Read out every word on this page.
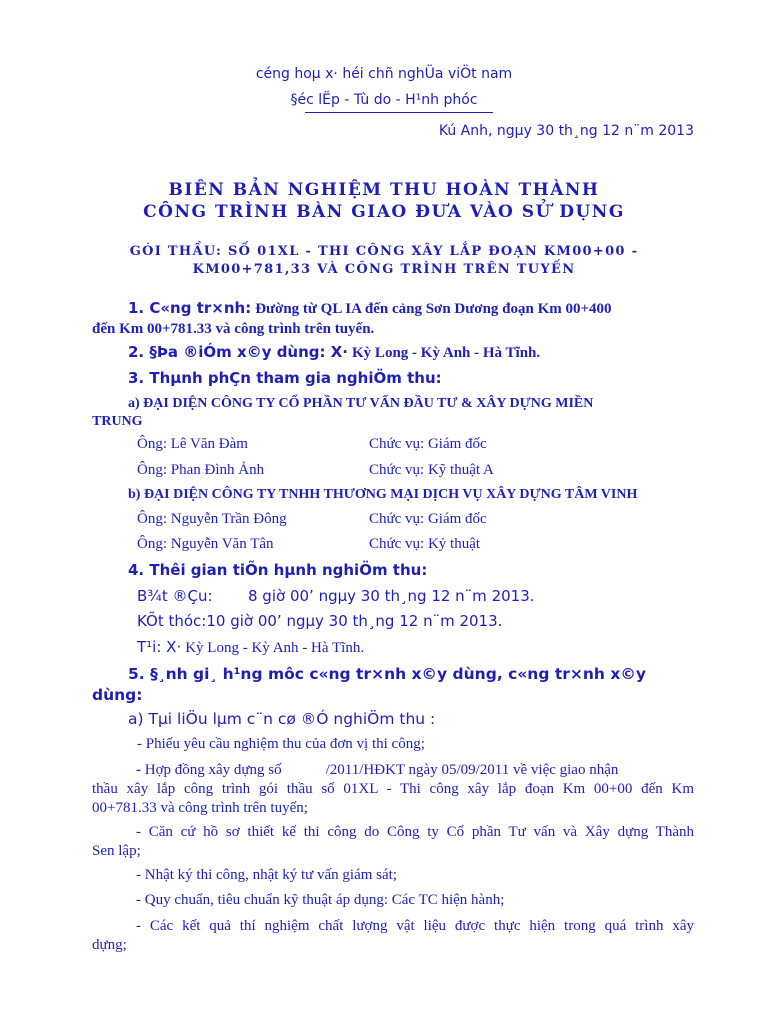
céng hoµ x· héi chñ nghÜa viÖt nam
§éc lËp - Tù do - H¹nh phóc
Kú Anh, ngµy 30 th¸ng 12 n¨m 2013
BIÊN BẢN NGHIỆM THU HOÀN THÀNH
CÔNG TRÌNH BÀN GIAO ĐƯA VÀO SỬ DỤNG
GÓI THẦU: SỐ 01XL - THI CÔNG XÂY LẮP ĐOẠN KM00+00 -
KM00+781,33 VÀ CÔNG TRÌNH TRÊN TUYẾN
1. C«ng tr×nh: Đường từ QL IA đến cảng Sơn Dương đoạn Km 00+400
đến Km 00+781.33 và công trình trên tuyến.
2. §Þa ®iÓm x©y dùng: X· Kỳ Long - Kỳ Anh - Hà Tĩnh.
3. Thµnh phÇn tham gia nghiÖm thu:
a) ĐẠI DIỆN CÔNG TY CỔ PHẦN TƯ VẤN ĐẦU TƯ & XÂY DỰNG MIỀN
TRUNG
Ông: Lê Văn Đàm	Chức vụ: Giám đốc
Ông: Phan Đình Ảnh	Chức vụ: Kỹ thuật A
b) ĐẠI DIỆN CÔNG TY TNHH THƯƠNG MẠI DỊCH VỤ XÂY DỰNG TÂM VINH
Ông: Nguyễn Trần Đông	Chức vụ: Giám đốc
Ông: Nguyễn Văn Tân	Chức vụ: Kỷ thuật
4. Thêi gian tiÕn hµnh nghiÖm thu:
B¾t ®Çu: 8 giờ 00’ ngµy 30 th¸ng 12 n¨m 2013.
KÕt thóc:10 giờ 00’ ngµy 30 th¸ng 12 n¨m 2013.
T¹i: X· Kỳ Long - Kỳ Anh - Hà Tĩnh.
5. §¸nh gi¸ h¹ng môc c«ng tr×nh x©y dùng, c«ng tr×nh x©y
dùng:
a) Tµi liÖu lµm c¨n cø ®Ó nghiÖm thu :
- Phiếu yêu cầu nghiệm thu của đơn vị thi công;
- Hợp đồng xây dựng số	/2011/HĐKT ngày 05/09/2011 về việc giao nhận
thầu xây lắp công trình gói thầu số 01XL - Thi công xây lắp đoạn Km 00+00 đến Km
00+781.33 và công trình trên tuyến;
- Căn cứ hồ sơ thiết kế thi công do Công ty Cổ phần Tư vấn và Xây dựng Thành
Sen lập;
- Nhật ký thi công, nhật ký tư vấn giám sát;
- Quy chuẩn, tiêu chuẩn kỹ thuật áp dụng: Các TC hiện hành;
- Các kết quả thí nghiệm chất lượng vật liệu được thực hiện trong quá trình xây
dựng;
